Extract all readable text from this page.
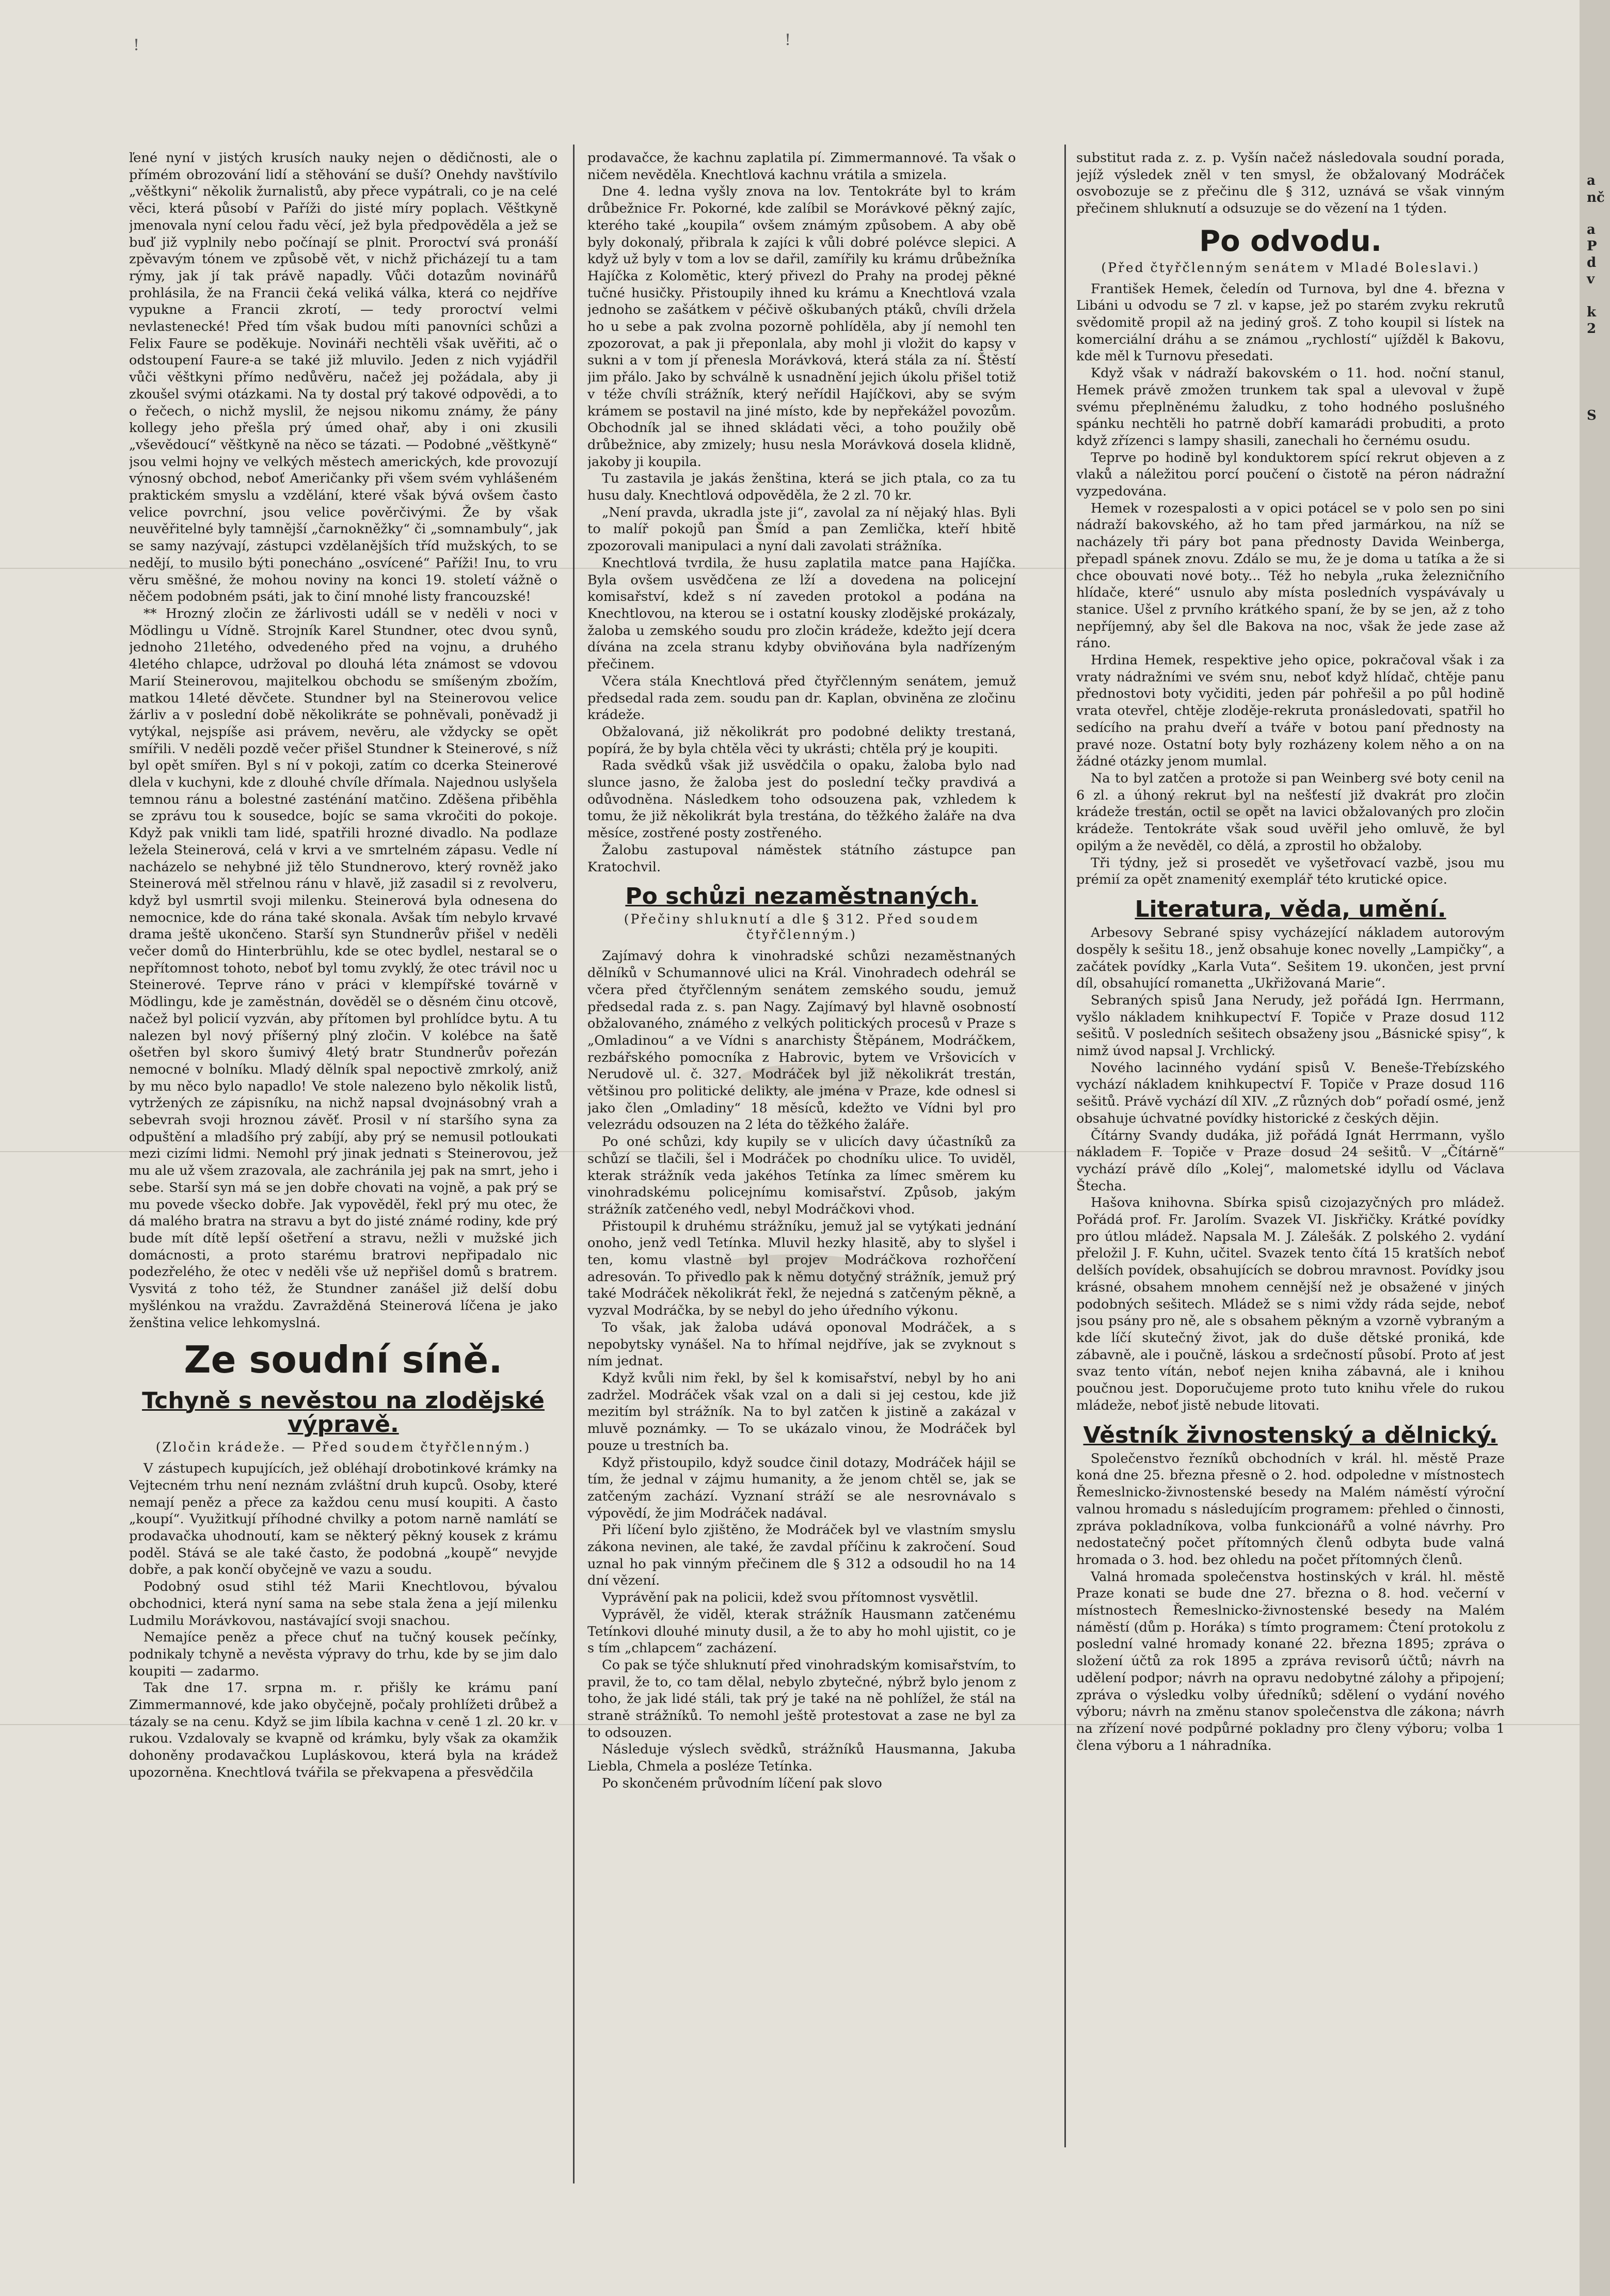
!	!

ľené nyní v jistých krusích nauky nejen o dědičnosti, ale o přímém obrozování lidí a stěhování se duší? Onehdy navštívilo „věštkyni“ několik žurnalistů, aby přece vypátrali, co je na celé věci, která působí v Paříži do jisté míry poplach. Věštkyně jmenovala nyní celou řadu věcí, jež byla předpověděla a jež se buď již vyplnily nebo počínají se plnit. Proroctví svá pronáší zpěvavým tónem ve způsobě vět, v nichž přicházejí tu a tam rýmy, jak jí tak právě napadly. Vůči dotazům novinářů prohlásila, že na Francii čeká veliká válka, která co nejdříve vypukne a Francii zkrotí, — tedy proroctví velmi nevlastenecké! Před tím však budou míti panovníci schůzi a Felix Faure se poděkuje. Novináři nechtěli však uvěřiti, ač o odstoupení Faure-a se také již mluvilo. Jeden z nich vyjádřil vůči věštkyni přímo nedůvěru, načež jej požádala, aby ji zkoušel svými otázkami. Na ty dostal prý takové odpovědi, a to o řečech, o nichž myslil, že nejsou nikomu známy, že pány kollegy jeho přešla prý úmed ohař, aby i oni zkusili „vševědoucí“ věštkyně na něco se tázati. — Podobné „věštkyně“ jsou velmi hojny ve velkých městech amerických, kde provozují výnosný obchod, neboť Američanky při všem svém vyhlášeném praktickém smyslu a vzdělání, které však bývá ovšem často velice povrchní, jsou velice pověrčivými. Že by však neuvěřitelné byly tamnější „čarnokněžky“ či „somnambuly“, jak se samy nazývají, zástupci vzdělanějších tříd mužských, to se nedějí, to musilo býti ponecháno „osvícené“ Paříži! Inu, to vru věru směšné, že mohou noviny na konci 19. století vážně o něčem podobném psáti, jak to činí mnohé listy francouzské!

** Hrozný zločin ze žárlivosti událl se v neděli v noci v Mödlingu u Vídně. Strojník Karel Stundner, otec dvou synů, jednoho 21letého, odvedeného před na vojnu, a druhého 4letého chlapce, udržoval po dlouhá léta známost se vdovou Marií Steinerovou, majitelkou obchodu se smíšeným zbožím, matkou 14leté děvčete. Stundner byl na Steinerovou velice žárliv a v poslední době několikráte se pohněvali, poněvadž ji vytýkal, nejspíše asi právem, nevěru, ale vždycky se opět smířili. V neděli pozdě večer přišel Stundner k Steinerové, s níž byl opět smířen. Byl s ní v pokoji, zatím co dcerka Steinerové dlela v kuchyni, kde z dlouhé chvíle dřímala. Najednou uslyšela temnou ránu a bolestné zasténání matčino. Zděšena přiběhla se zprávu tou k sousedce, bojíc se sama vkročiti do pokoje. Když pak vnikli tam lidé, spatřili hrozné divadlo. Na podlaze ležela Steinerová, celá v krvi a ve smrtelném zápasu. Vedle ní nacházelo se nehybné již tělo Stundnerovo, který rovněž jako Steinerová měl střelnou ránu v hlavě, již zasadil si z revolveru, když byl usmrtil svoji milenku. Steinerová byla odnesena do nemocnice, kde do rána také skonala. Avšak tím nebylo krvavé drama ještě ukončeno. Starší syn Stundnerův přišel v neděli večer domů do Hinterbrühlu, kde se otec bydlel, nestaral se o nepřítomnost tohoto, neboť byl tomu zvyklý, že otec trávil noc u Steinerové. Teprve ráno v práci v klempířské továrně v Mödlingu, kde je zaměstnán, dověděl se o děsném činu otcově, načež byl policií vyzván, aby přítomen byl prohlídce bytu. A tu nalezen byl nový příšerný plný zločin. V kolébce na šatě ošetřen byl skoro šumivý 4letý bratr Stundnerův pořezán nemocné v bolníku. Mladý dělník spal nepoctivě zmrkolý, aniž by mu něco bylo napadlo! Ve stole nalezeno bylo několik listů, vytržených ze zápisníku, na nichž napsal dvojnásobný vrah a sebevrah svoji hroznou závěť. Prosil v ní staršího syna za odpuštění a mladšího prý zabíjí, aby prý se nemusil potloukati mezi cizími lidmi. Nemohl prý jinak jednati s Steinerovou, jež mu ale už všem zrazovala, ale zachránila jej pak na smrt, jeho i sebe. Starší syn má se jen dobře chovati na vojně, a pak prý se mu povede všecko dobře. Jak vypověděl, řekl prý mu otec, že dá malého bratra na stravu a byt do jisté známé rodiny, kde prý bude mít dítě lepší ošetření a stravu, nežli v mužské jich domácnosti, a proto starému bratrovi nepřipadalo nic podezřelého, že otec v neděli vše už nepřišel domů s bratrem. Vysvitá z toho též, že Stundner zanášel již delší dobu myšlénkou na vraždu. Zavražděná Steinerová líčena je jako ženština velice lehkomyslná.

Ze soudní síně.
Tchyně s nevěstou na zlodějské výpravě.
(Zločin krádeže. — Před soudem čtyřčlenným.)

V zástupech kupujících, jež obléhají drobotinkové krámky na Vejtecném trhu není neznám zvláštní druh kupců. Osoby, které nemají peněz a přece za každou cenu musí koupiti. A často „koupí“. Využitkují příhodné chvilky a potom narně namlátí se prodavačka uhodnoutí, kam se některý pěkný kousek z krámu poděl. Stává se ale také často, že podobná „koupě“ nevyjde dobře, a pak končí obyčejně ve vazu a soudu.

Podobný osud stihl též Marii Knechtlovou, bývalou obchodnici, která nyní sama na sebe stala žena a její milenku Ludmilu Morávkovou, nastávající svoji snachou.

Nemajíce peněz a přece chuť na tučný kousek pečínky, podnikaly tchyně a nevěsta výpravy do trhu, kde by se jim dalo koupiti — zadarmo.

Tak dne 17. srpna m. r. přišly ke krámu paní Zimmermannové, kde jako obyčejně, počaly prohlížeti drůbež a tázaly se na cenu. Když se jim líbila kachna v ceně 1 zl. 20 kr. v rukou. Vzdalovaly se kvapně od krámku, byly však za okamžik dohoněny prodavačkou Lupláskovou, která byla na krádež upozorněna. Knechtlová tvářila se překvapena a přesvědčila

prodavačce, že kachnu zaplatila pí. Zimmermannové. Ta však o ničem nevěděla. Knechtlová kachnu vrátila a smizela.

Dne 4. ledna vyšly znova na lov. Tentokráte byl to krám drůbežnice Fr. Pokorné, kde zalíbil se Morávkové pěkný zajíc, kterého také „koupila“ ovšem známým způsobem. A aby obě byly dokonalý, přibrala k zajíci k vůli dobré polévce slepici. A když už byly v tom a lov se dařil, zamířily ku krámu drůbežníka Hajíčka z Kolomětic, který přivezl do Prahy na prodej pěkné tučné husičky. Přistoupily ihned ku krámu a Knechtlová vzala jednoho se zašátkem v péčivě oškubaných ptáků, chvíli držela ho u sebe a pak zvolna pozorně pohlíděla, aby jí nemohl ten zpozorovat, a pak ji přeponlala, aby mohl ji vložit do kapsy v sukni a v tom jí přenesla Morávková, která stála za ní. Štěstí jim přálo. Jako by schválně k usnadnění jejich úkolu přišel totiž v téže chvíli strážník, který neřídil Hajíčkovi, aby se svým krámem se postavil na jiné místo, kde by nepřekážel povozům. Obchodník jal se ihned skládati věci, a toho použily obě drůbežnice, aby zmizely; husu nesla Morávková dosela klidně, jakoby ji koupila.

Tu zastavila je jakás ženština, která se jich ptala, co za tu husu daly. Knechtlová odpověděla, že 2 zl. 70 kr.

„Není pravda, ukradla jste ji“, zavolal za ní nějaký hlas. Byli to malíř pokojů pan Šmíd a pan Zemlička, kteří hbitě zpozorovali manipulaci a nyní dali zavolati strážníka.

Knechtlová tvrdila, že husu zaplatila matce pana Hajíčka. Byla ovšem usvědčena ze lží a dovedena na policejní komisařství, kdež s ní zaveden protokol a podána na Knechtlovou, na kterou se i ostatní kousky zlodějské prokázaly, žaloba u zemského soudu pro zločin krádeže, kdežto její dcera dívána na zcela stranu kdyby obviňována byla nadřízeným přečinem.

Včera stála Knechtlová před čtyřčlenným senátem, jemuž předsedal rada zem. soudu pan dr. Kaplan, obviněna ze zločinu krádeže.

Obžalovaná, již několikrát pro podobné delikty trestaná, popírá, že by byla chtěla věci ty ukrásti; chtěla prý je koupiti.

Rada svědků však již usvědčila o opaku, žaloba bylo nad slunce jasno, že žaloba jest do poslední tečky pravdivá a odůvodněna. Následkem toho odsouzena pak, vzhledem k tomu, že již několikrát byla trestána, do těžkého žaláře na dva měsíce, zostřené posty zostřeného.

Žalobu zastupoval náměstek státního zástupce pan Kratochvil.

Po schůzi nezaměstnaných.
(Přečiny shluknutí a dle § 312. Před soudem čtyřčlenným.)

Zajímavý dohra k vinohradské schůzi nezaměstnaných dělníků v Schumannové ulici na Král. Vinohradech odehrál se včera před čtyřčlenným senátem zemského soudu, jemuž předsedal rada z. s. pan Nagy. Zajímavý byl hlavně osobností obžalovaného, známého z velkých politických procesů v Praze s „Omladinou“ a ve Vídni s anarchisty Štěpánem, Modráčkem, rezbářského pomocníka z Habrovic, bytem ve Vršovicích v Nerudově ul. č. 327. Modráček byl již několikrát trestán, většinou pro politické delikty, ale jména v Praze, kde odnesl si jako člen „Omladiny“ 18 měsíců, kdežto ve Vídni byl pro velezrádu odsouzen na 2 léta do těžkého žaláře.

Po oné schůzi, kdy kupily se v ulicích davy účastníků za schůzí se tlačili, šel i Modráček po chodníku ulice. To uviděl, kterak strážník veda jakéhos Tetínka za límec směrem ku vinohradskému policejnímu komisařství. Způsob, jakým strážník zatčeného vedl, nebyl Modráčkovi vhod.

Přistoupil k druhému strážníku, jemuž jal se vytýkati jednání onoho, jenž vedl Tetínka. Mluvil hezky hlasitě, aby to slyšel i ten, komu vlastně byl projev Modráčkova rozhořčení adresován. To přivedlo pak k němu dotyčný strážník, jemuž prý také Modráček několikrát řekl, že nejedná s zatčeným pěkně, a vyzval Modráčka, by se nebyl do jeho úředního výkonu.

To však, jak žaloba udává oponoval Modráček, a s nepobytsky vynášel. Na to hřímal nejdříve, jak se zvyknout s ním jednat.

Když kvůli nim řekl, by šel k komisařství, nebyl by ho ani zadržel. Modráček však vzal on a dali si jej cestou, kde již mezitím byl strážník. Na to byl zatčen k jistině a zakázal v mluvě poznámky. — To se ukázalo vinou, že Modráček byl pouze u trestních ba.

Když přistoupilo, když soudce činil dotazy, Modráček hájil se tím, že jednal v zájmu humanity, a že jenom chtěl se, jak se zatčeným zachází. Vyznaní stráží se ale nesrovnávalo s výpovědí, že jim Modráček nadával.

Při líčení bylo zjištěno, že Modráček byl ve vlastním smyslu zákona nevinen, ale také, že zavdal příčinu k zakročení. Soud uznal ho pak vinným přečinem dle § 312 a odsoudil ho na 14 dní vězení.

Vyprávění pak na policii, kdež svou přítomnost vysvětlil.

Vyprávěl, že viděl, kterak strážník Hausmann zatčenému Tetínkovi dlouhé minuty dusil, a že to aby ho mohl ujistit, co je s tím „chlapcem“ zacházení.

Co pak se týče shluknutí před vinohradským komisařstvím, to pravil, že to, co tam dělal, nebylo zbytečné, nýbrž bylo jenom z toho, že jak lidé stáli, tak prý je také na ně pohlížel, že stál na straně strážníků. To nemohl ještě protestovat a zase ne byl za to odsouzen.

Následuje výslech svědků, strážníků Hausmanna, Jakuba Liebla, Chmela a posléze Tetínka.

Po skončeném průvodním líčení pak slovo

substitut rada z. z. p. Vyšín načež následovala soudní porada, jejíž výsledek zněl v ten smysl, že obžalovaný Modráček osvobozuje se z přečinu dle § 312, uznává se však vinným přečinem shluknutí a odsuzuje se do vězení na 1 týden.

Po odvodu.
(Před čtyřčlenným senátem v Mladé Boleslavi.)

František Hemek, čeledín od Turnova, byl dne 4. března v Libáni u odvodu se 7 zl. v kapse, jež po starém zvyku rekrutů svědomitě propil až na jediný groš. Z toho koupil si lístek na komerciální dráhu a se známou „rychlostí“ ujížděl k Bakovu, kde měl k Turnovu přesedati.

Když však v nádraží bakovském o 11. hod. noční stanul, Hemek právě zmožen trunkem tak spal a ulevoval v župě svému přeplněnému žaludku, z toho hodného poslušného spánku nechtěli ho patrně dobří kamarádi probuditi, a proto když zřízenci s lampy shasili, zanechali ho černému osudu.

Teprve po hodině byl konduktorem spící rekrut objeven a z vlaků a náležitou porcí poučení o čistotě na péron nádražní vyzpedována.

Hemek v rozespalosti a v opici potácel se v polo sen po sini nádraží bakovského, až ho tam před jarmárkou, na níž se nacházely tři páry bot pana přednosty Davida Weinberga, přepadl spánek znovu. Zdálo se mu, že je doma u tatíka a že si chce obouvati nové boty... Též ho nebyla „ruka železničního hlídače, které“ usnulo aby místa posledních vyspávávaly u stanice. Ušel z prvního krátkého spaní, že by se jen, až z toho nepříjemný, aby šel dle Bakova na noc, však že jede zase až ráno.

Hrdina Hemek, respektive jeho opice, pokračoval však i za vraty nádražními ve svém snu, neboť když hlídač, chtěje panu přednostovi boty vyčiditi, jeden pár pohřešil a po půl hodině vrata otevřel, chtěje zloděje-rekruta pronásledovati, spatřil ho sedícího na prahu dveří a tváře v botou paní přednosty na pravé noze. Ostatní boty byly rozházeny kolem něho a on na žádné otázky jenom mumlal.

Na to byl zatčen a protože si pan Weinberg své boty cenil na 6 zl. a úhoný rekrut byl na nešťestí již dvakrát pro zločin krádeže trestán, octil se opět na lavici obžalovaných pro zločin krádeže. Tentokráte však soud uvěřil jeho omluvě, že byl opilým a že nevěděl, co dělá, a zprostil ho obžaloby.

Tři týdny, jež si prosedět ve vyšetřovací vazbě, jsou mu prémií za opět znamenitý exemplář této krutické opice.

Literatura, věda, umění.

Arbesovy Sebrané spisy vycházející nákladem autorovým dospěly k sešitu 18., jenž obsahuje konec novelly „Lampičky“, a začátek povídky „Karla Vuta“. Sešitem 19. ukončen, jest první díl, obsahující romanetta „Ukřižovaná Marie“.

Sebraných spisů Jana Nerudy, jež pořádá Ign. Herrmann, vyšlo nákladem knihkupectví F. Topiče v Praze dosud 112 sešitů. V posledních sešitech obsaženy jsou „Básnické spisy“, k nimž úvod napsal J. Vrchlický.

Nového lacinného vydání spisů V. Beneše-Třebízského vychází nákladem knihkupectví F. Topiče v Praze dosud 116 sešitů. Právě vychází díl XIV. „Z různých dob“ pořadí osmé, jenž obsahuje úchvatné povídky historické z českých dějin.

Čítárny Svandy dudáka, již pořádá Ignát Herrmann, vyšlo nákladem F. Topiče v Praze dosud 24 sešitů. V „Čítárně“ vychází právě dílo „Kolej“, malometské idyllu od Václava Štecha.

Hašova knihovna. Sbírka spisů cizojazyčných pro mládež. Pořádá prof. Fr. Jarolím. Svazek VI. Jiskřičky. Krátké povídky pro útlou mládež. Napsala M. J. Zálešák. Z polského 2. vydání přeložil J. F. Kuhn, učitel. Svazek tento čítá 15 kratších neboť delších povídek, obsahujících se dobrou mravnost. Povídky jsou krásné, obsahem mnohem cennější než je obsažené v jiných podobných sešitech. Mládež se s nimi vždy ráda sejde, neboť jsou psány pro ně, ale s obsahem pěkným a vzorně vybraným a kde líčí skutečný život, jak do duše dětské proniká, kde zábavně, ale i poučně, láskou a srdečností působí. Proto ať jest svaz tento vítán, neboť nejen kniha zábavná, ale i knihou poučnou jest. Doporučujeme proto tuto knihu vřele do rukou mládeže, neboť jistě nebude litovati.

Věstník živnostenský a dělnický.

Společenstvo řezníků obchodních v král. hl. městě Praze koná dne 25. března přesně o 2. hod. odpoledne v místnostech Řemeslnicko-živnostenské besedy na Malém náměstí výroční valnou hromadu s následujícím programem: přehled o činnosti, zpráva pokladníkova, volba funkcionářů a volné návrhy. Pro nedostatečný počet přítomných členů odbyta bude valná hromada o 3. hod. bez ohledu na počet přítomných členů.

Valná hromada společenstva hostinských v král. hl. městě Praze konati se bude dne 27. března o 8. hod. večerní v místnostech Řemeslnicko-živnostenské besedy na Malém náměstí (dům p. Horáka) s tímto programem: Čtení protokolu z poslední valné hromady konané 22. března 1895; zpráva o složení účtů za rok 1895 a zpráva revisorů účtů; návrh na udělení podpor; návrh na opravu nedobytné zálohy a připojení; zpráva o výsledku volby úředníků; sdělení o vydání nového výboru; návrh na změnu stanov společenstva dle zákona; návrh na zřízení nové podpůrné pokladny pro členy výboru; volba 1 člena výboru a 1 náhradníka.

a
nč
a
P
d
v
k
2
S
